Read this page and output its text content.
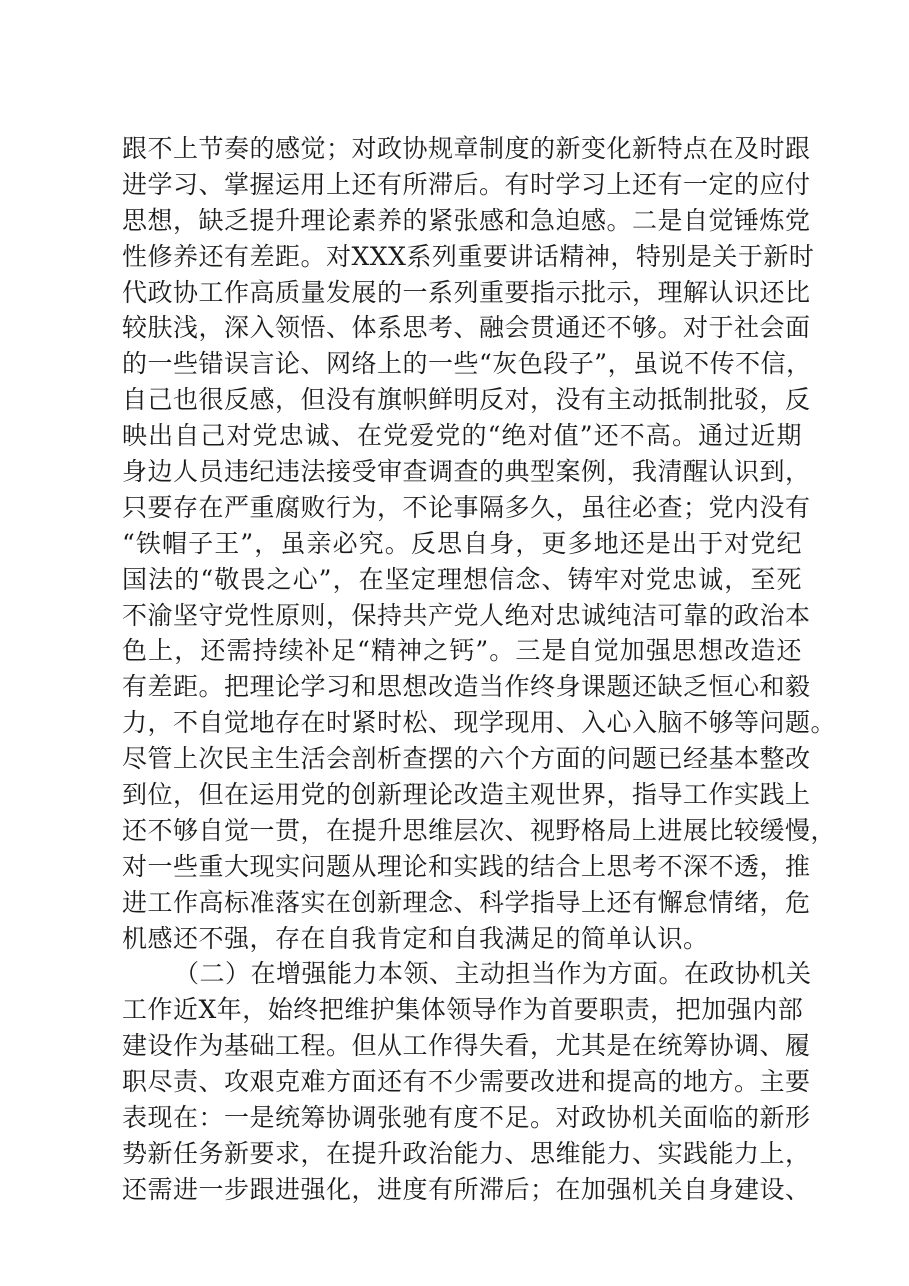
跟不上节奏的感觉；对政协规章制度的新变化新特点在及时跟
进学习、掌握运用上还有所滞后。有时学习上还有一定的应付
思想，缺乏提升理论素养的紧张感和急迫感。二是自觉锤炼党
性修养还有差距。对XXX系列重要讲话精神，特别是关于新时
代政协工作高质量发展的一系列重要指示批示，理解认识还比
较肤浅，深入领悟、体系思考、融会贯通还不够。对于社会面
的一些错误言论、网络上的一些“灰色段子”，虽说不传不信，
自己也很反感，但没有旗帜鲜明反对，没有主动抵制批驳，反
映出自己对党忠诚、在党爱党的“绝对值”还不高。通过近期
身边人员违纪违法接受审查调查的典型案例，我清醒认识到，
只要存在严重腐败行为，不论事隔多久，虽往必查；党内没有
“铁帽子王”，虽亲必究。反思自身，更多地还是出于对党纪
国法的“敬畏之心”，在坚定理想信念、铸牢对党忠诚，至死
不渝坚守党性原则，保持共产党人绝对忠诚纯洁可靠的政治本
色上，还需持续补足“精神之钙”。三是自觉加强思想改造还
有差距。把理论学习和思想改造当作终身课题还缺乏恒心和毅
力，不自觉地存在时紧时松、现学现用、入心入脑不够等问题。
尽管上次民主生活会剖析查摆的六个方面的问题已经基本整改
到位，但在运用党的创新理论改造主观世界，指导工作实践上
还不够自觉一贯，在提升思维层次、视野格局上进展比较缓慢，
对一些重大现实问题从理论和实践的结合上思考不深不透，推
进工作高标准落实在创新理念、科学指导上还有懈怠情绪，危
机感还不强，存在自我肯定和自我满足的简单认识。
（二）在增强能力本领、主动担当作为方面。在政协机关
工作近X年，始终把维护集体领导作为首要职责，把加强内部
建设作为基础工程。但从工作得失看，尤其是在统筹协调、履
职尽责、攻艰克难方面还有不少需要改进和提高的地方。主要
表现在：一是统筹协调张驰有度不足。对政协机关面临的新形
势新任务新要求，在提升政治能力、思维能力、实践能力上，
还需进一步跟进强化，进度有所滞后；在加强机关自身建设、
